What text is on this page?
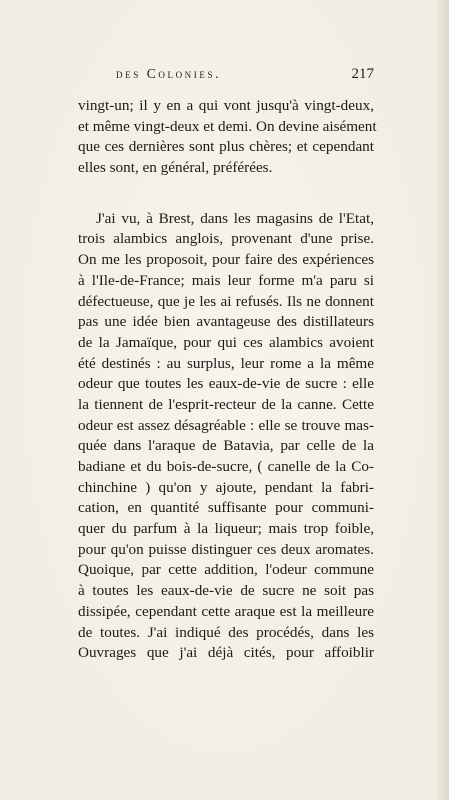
des Colonies.	217
vingt-un; il y en a qui vont jusqu'à vingt-deux,
et même vingt-deux et demi. On devine aisément
que ces dernières sont plus chères; et cependant
elles sont, en général, préférées.
J'ai vu, à Brest, dans les magasins de l'Etat,
trois alambics anglois, provenant d'une prise.
On me les proposoit, pour faire des expériences
à l'Ile-de-France; mais leur forme m'a paru si
défectueuse, que je les ai refusés. Ils ne donnent
pas une idée bien avantageuse des distillateurs
de la Jamaïque, pour qui ces alambics avoient
été destinés : au surplus, leur rome a la même
odeur que toutes les eaux-de-vie de sucre : elle
la tiennent de l'esprit-recteur de la canne. Cette
odeur est assez désagréable : elle se trouve mas-
quée dans l'araque de Batavia, par celle de la
badiane et du bois-de-sucre, ( canelle de la Co-
chinchine ) qu'on y ajoute, pendant la fabri-
cation, en quantité suffisante pour communi-
quer du parfum à la liqueur; mais trop foible,
pour qu'on puisse distinguer ces deux aromates.
Quoique, par cette addition, l'odeur commune
à toutes les eaux-de-vie de sucre ne soit pas
dissipée, cependant cette araque est la meilleure
de toutes. J'ai indiqué des procédés, dans les
Ouvrages que j'ai déjà cités, pour affoiblir
